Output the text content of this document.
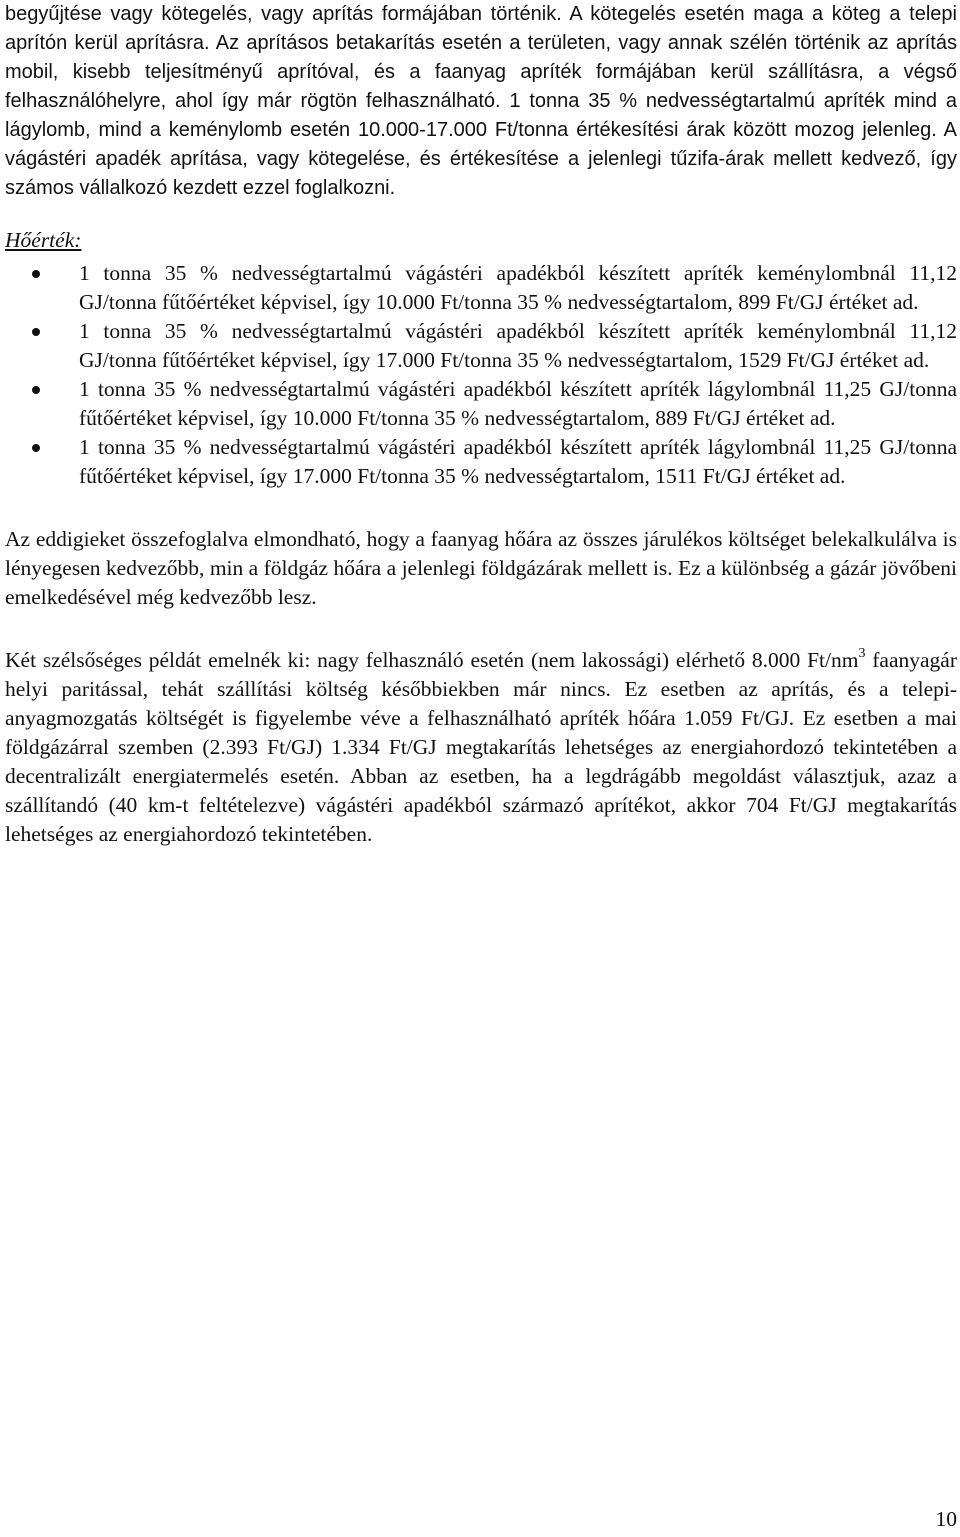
begyűjtése vagy kötegelés, vagy aprítás formájában történik. A kötegelés esetén maga a köteg a telepi aprítón kerül aprításra. Az aprításos betakarítás esetén a területen, vagy annak szélén történik az aprítás mobil, kisebb teljesítményű aprítóval, és a faanyag apríték formájában kerül szállításra, a végső felhasználóhelyre, ahol így már rögtön felhasználható. 1 tonna 35 % nedvességtartalmú apríték mind a lágylomb, mind a keménylomb esetén 10.000-17.000 Ft/tonna értékesítési árak között mozog jelenleg. A vágástéri apadék aprítása, vagy kötegelése, és értékesítése a jelenlegi tűzifa-árak mellett kedvező, így számos vállalkozó kezdett ezzel foglalkozni.

Hőérték:

1 tonna 35 % nedvességtartalmú vágástéri apadékból készített apríték keménylombnál 11,12 GJ/tonna fűtőértéket képvisel, így 10.000 Ft/tonna 35 % nedvességtartalom, 899 Ft/GJ értéket ad.
1 tonna 35 % nedvességtartalmú vágástéri apadékból készített apríték keménylombnál 11,12 GJ/tonna fűtőértéket képvisel, így 17.000 Ft/tonna 35 % nedvességtartalom, 1529 Ft/GJ értéket ad.
1 tonna 35 % nedvességtartalmú vágástéri apadékból készített apríték lágylombnál 11,25 GJ/tonna fűtőértéket képvisel, így 10.000 Ft/tonna 35 % nedvességtartalom, 889 Ft/GJ értéket ad.
1 tonna 35 % nedvességtartalmú vágástéri apadékból készített apríték lágylombnál 11,25 GJ/tonna fűtőértéket képvisel, így 17.000 Ft/tonna 35 % nedvességtartalom, 1511 Ft/GJ értéket ad.

Az eddigieket összefoglalva elmondható, hogy a faanyag hőára az összes járulékos költséget belekalkulálva is lényegesen kedvezőbb, min a földgáz hőára a jelenlegi földgázárak mellett is. Ez a különbség a gázár jövőbeni emelkedésével még kedvezőbb lesz.

Két szélsőséges példát emelnék ki: nagy felhasználó esetén (nem lakossági) elérhető 8.000 $Ft/nm^3$ faanyagár helyi paritással, tehát szállítási költség későbbiekben már nincs. Ez esetben az aprítás, és a telepi-anyagmozgatás költségét is figyelembe véve a felhasználható apríték hőára 1.059 Ft/GJ. Ez esetben a mai földgázárral szemben (2.393 Ft/GJ) 1.334 Ft/GJ megtakarítás lehetséges az energiahordozó tekintetében a decentralizált energiatermelés esetén. Abban az esetben, ha a legdrágább megoldást választjuk, azaz a szállítandó (40 km-t feltételezve) vágástéri apadékból származó aprítékot, akkor 704 Ft/GJ megtakarítás lehetséges az energiahordozó tekintetében.

10
